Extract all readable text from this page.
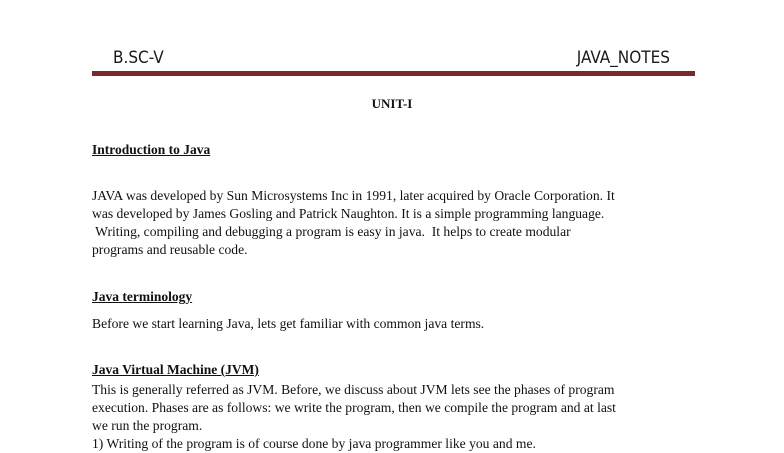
B.SC-V	JAVA_NOTES
UNIT-I
Introduction to Java
JAVA was developed by Sun Microsystems Inc in 1991, later acquired by Oracle Corporation. It
was developed by James Gosling and Patrick Naughton. It is a simple programming language.
Writing, compiling and debugging a program is easy in java.  It helps to create modular
programs and reusable code.
Java terminology
Before we start learning Java, lets get familiar with common java terms.
Java Virtual Machine (JVM)
This is generally referred as JVM. Before, we discuss about JVM lets see the phases of program
execution. Phases are as follows: we write the program, then we compile the program and at last
we run the program.
1) Writing of the program is of course done by java programmer like you and me.
